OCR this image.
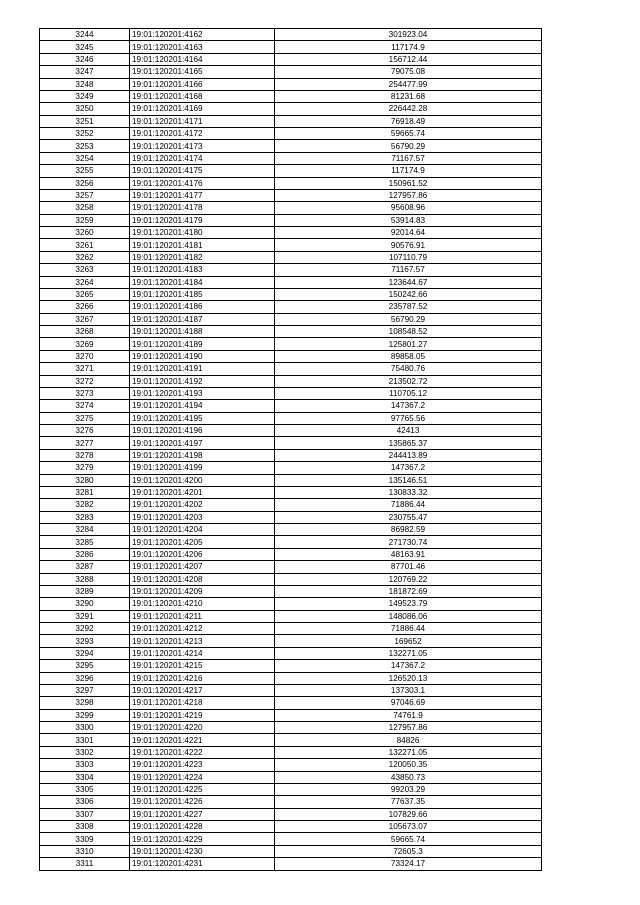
3244	19:01:120201:4162	301923.04
3245	19:01:120201:4163	117174.9
3246	19:01:120201:4164	156712.44
3247	19:01:120201:4165	79075.08
3248	19:01:120201:4166	254477.99
3249	19:01:120201:4168	81231.68
3250	19:01:120201:4169	226442.28
3251	19:01:120201:4171	76918.49
3252	19:01:120201:4172	59665.74
3253	19:01:120201:4173	56790.29
3254	19:01:120201:4174	71167.57
3255	19:01:120201:4175	117174.9
3256	19:01:120201:4176	150961.52
3257	19:01:120201:4177	127957.86
3258	19:01:120201:4178	95608.96
3259	19:01:120201:4179	53914.83
3260	19:01:120201:4180	92014.64
3261	19:01:120201:4181	90576.91
3262	19:01:120201:4182	107110.79
3263	19:01:120201:4183	71167.57
3264	19:01:120201:4184	123644.67
3265	19:01:120201:4185	150242.66
3266	19:01:120201:4186	235787.52
3267	19:01:120201:4187	56790.29
3268	19:01:120201:4188	108548.52
3269	19:01:120201:4189	125801.27
3270	19:01:120201:4190	89858.05
3271	19:01:120201:4191	75480.76
3272	19:01:120201:4192	213502.72
3273	19:01:120201:4193	110705.12
3274	19:01:120201:4194	147367.2
3275	19:01:120201:4195	97765.56
3276	19:01:120201:4196	42413
3277	19:01:120201:4197	135865.37
3278	19:01:120201:4198	244413.89
3279	19:01:120201:4199	147367.2
3280	19:01:120201:4200	135146.51
3281	19:01:120201:4201	130833.32
3282	19:01:120201:4202	71886.44
3283	19:01:120201:4203	230755.47
3284	19:01:120201:4204	86982.59
3285	19:01:120201:4205	271730.74
3286	19:01:120201:4206	48163.91
3287	19:01:120201:4207	87701.46
3288	19:01:120201:4208	120769.22
3289	19:01:120201:4209	181872.69
3290	19:01:120201:4210	149523.79
3291	19:01:120201:4211	148086.06
3292	19:01:120201:4212	71886.44
3293	19:01:120201:4213	169652
3294	19:01:120201:4214	132271.05
3295	19:01:120201:4215	147367.2
3296	19:01:120201:4216	126520.13
3297	19:01:120201:4217	137303.1
3298	19:01:120201:4218	97046.69
3299	19:01:120201:4219	74761.9
3300	19:01:120201:4220	127957.86
3301	19:01:120201:4221	84826
3302	19:01:120201:4222	132271.05
3303	19:01:120201:4223	120050.35
3304	19:01:120201:4224	43850.73
3305	19:01:120201:4225	99203.29
3306	19:01:120201:4226	77637.35
3307	19:01:120201:4227	107829.66
3308	19:01:120201:4228	105673.07
3309	19:01:120201:4229	59665.74
3310	19:01:120201:4230	72605.3
3311	19:01:120201:4231	73324.17
